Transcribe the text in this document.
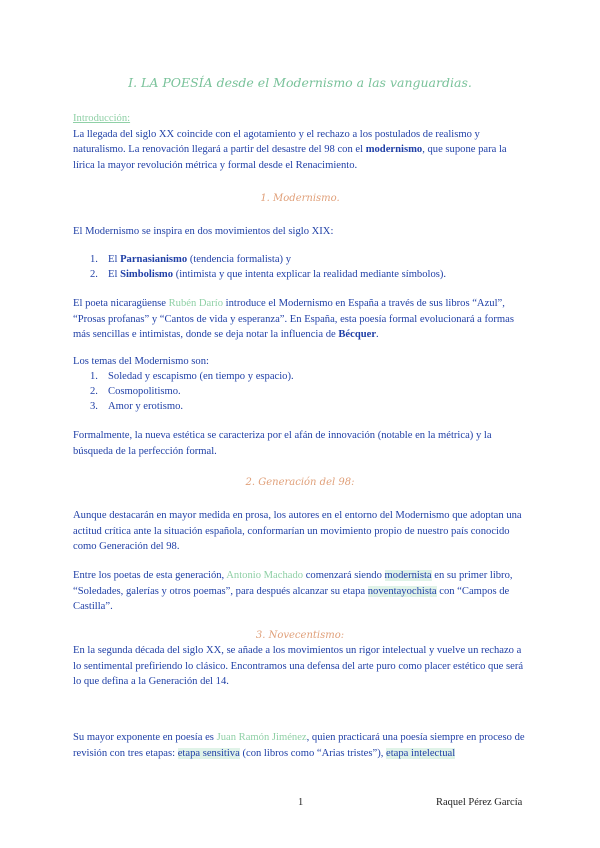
I. LA POESÍA desde el Modernismo a las vanguardias.

Introducción:
La llegada del siglo XX coincide con el agotamiento y el rechazo a los postulados de realismo y naturalismo. La renovación llegará a partir del desastre del 98 con el modernismo, que supone para la lírica la mayor revolución métrica y formal desde el Renacimiento.

1. Modernismo.

El Modernismo se inspira en dos movimientos del siglo XIX:

1. El Parnasianismo (tendencia formalista) y
2. El Simbolismo (intimista y que intenta explicar la realidad mediante símbolos).

El poeta nicaragüense Rubén Darío introduce el Modernismo en España a través de sus libros “Azul”, “Prosas profanas” y “Cantos de vida y esperanza”. En España, esta poesía formal evolucionará a formas más sencillas e intimistas, donde se deja notar la influencia de Bécquer.

Los temas del Modernismo son:

1. Soledad y escapismo (en tiempo y espacio).
2. Cosmopolitismo.
3. Amor y erotismo.

Formalmente, la nueva estética se caracteriza por el afán de innovación (notable en la métrica) y la búsqueda de la perfección formal.

2. Generación del 98:

Aunque destacarán en mayor medida en prosa, los autores en el entorno del Modernismo que adoptan una actitud crítica ante la situación española, conformarían un movimiento propio de nuestro país conocido como Generación del 98.

Entre los poetas de esta generación, Antonio Machado comenzará siendo modernista en su primer libro, “Soledades, galerías y otros poemas”, para después alcanzar su etapa noventayochista con “Campos de Castilla”.

3. Novecentismo:

En la segunda década del siglo XX, se añade a los movimientos un rigor intelectual y vuelve un rechazo a lo sentimental prefiriendo lo clásico. Encontramos una defensa del arte puro como placer estético que será lo que defina a la Generación del 14.

Su mayor exponente en poesía es Juan Ramón Jiménez, quien practicará una poesía siempre en proceso de revisión con tres etapas: etapa sensitiva (con libros como “Arias tristes”), etapa intelectual

1	Raquel Pérez García
